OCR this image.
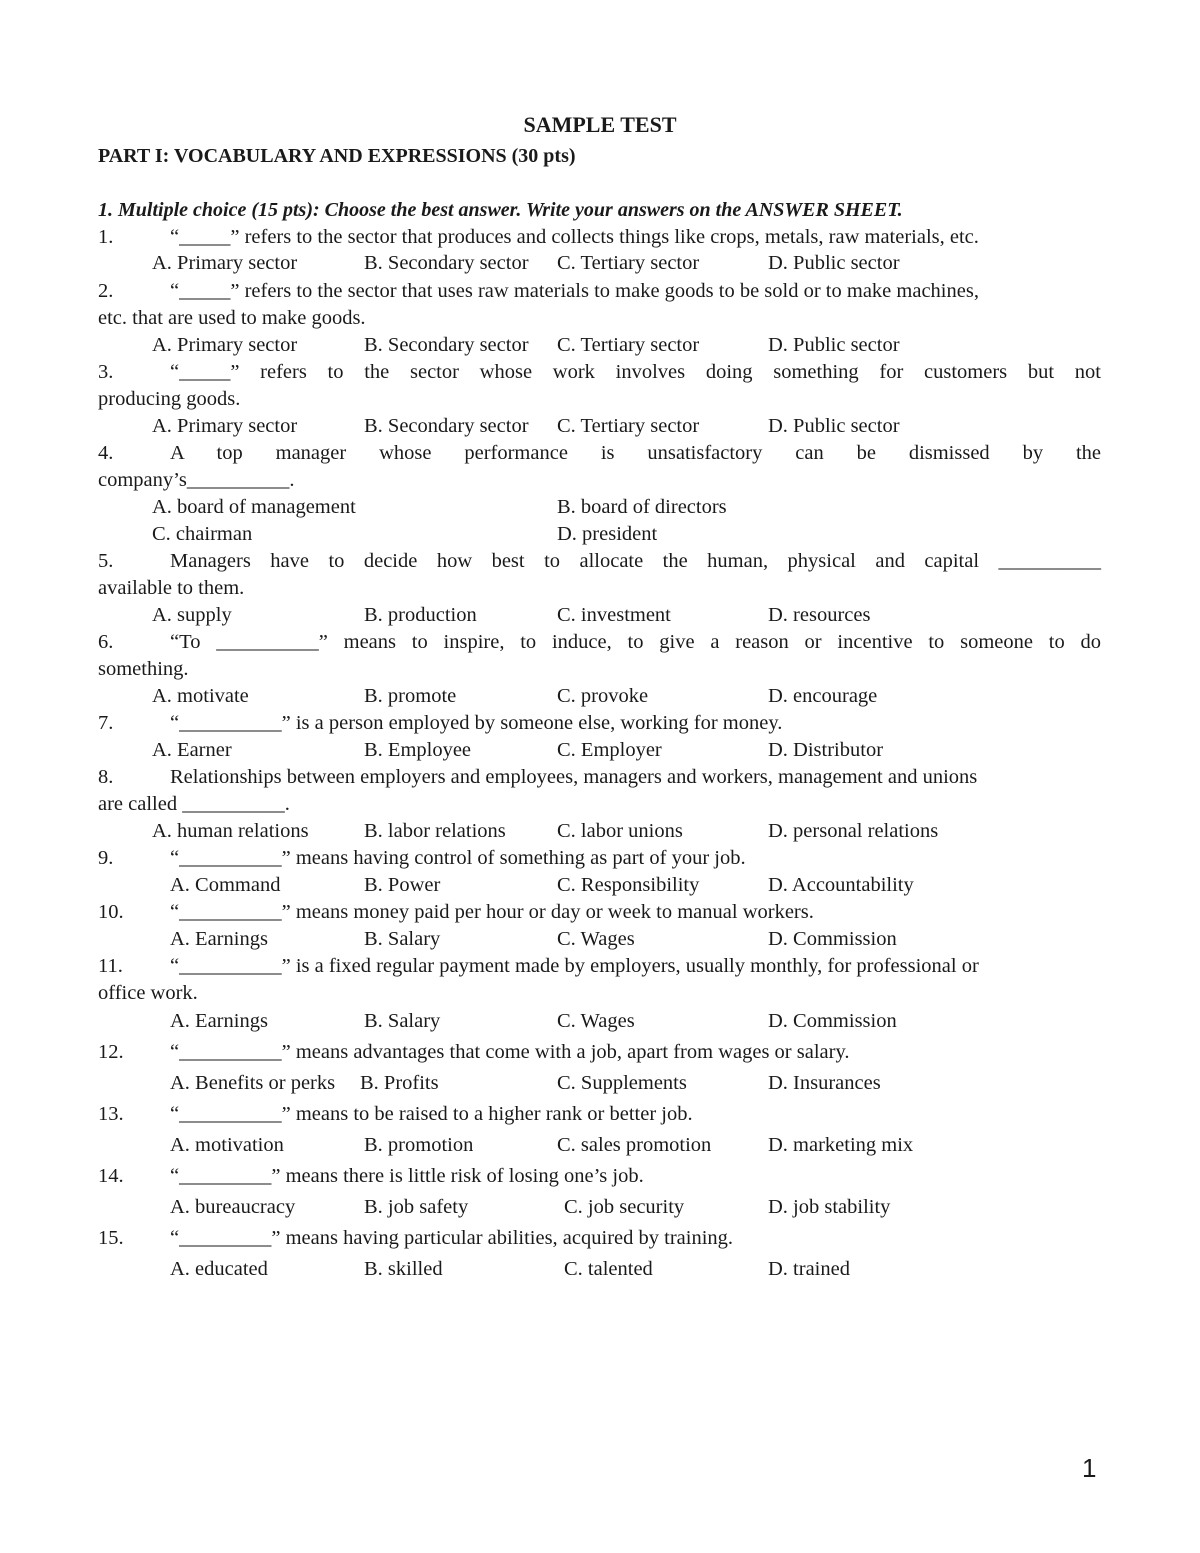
SAMPLE TEST
PART I: VOCABULARY AND EXPRESSIONS (30 pts)
1. Multiple choice (15 pts): Choose the best answer. Write your answers on the ANSWER SHEET.
1.	“_____” refers to the sector that produces and collects things like crops, metals, raw materials, etc.
A. Primary sector	B. Secondary sector C. Tertiary sector	D. Public sector
2.	“_____” refers to the sector that uses raw materials to make goods to be sold or to make machines,
etc. that are used to make goods.
A. Primary sector	B. Secondary sector C. Tertiary sector	D. Public sector
3.	“_____” refers to the sector whose work involves doing something for customers but not
producing goods.
A. Primary sector	B. Secondary sector C. Tertiary sector	D. Public sector
4.	A top manager whose performance is unsatisfactory can be dismissed by the
company’s__________.
A. board of management	B. board of directors
C. chairman	D. president
5.	Managers have to decide how best to allocate the human, physical and capital __________
available to them.
A. supply	B. production	C. investment	D. resources
6.	“To __________” means to inspire, to induce, to give a reason or incentive to someone to do
something.
A. motivate	B. promote	C. provoke	D. encourage
7.	“__________” is a person employed by someone else, working for money.
A. Earner	B. Employee	C. Employer	D. Distributor
8.	Relationships between employers and employees, managers and workers, management and unions
are called __________.
A. human relations	B. labor relations C. labor unions	D. personal relations
9.	“__________” means having control of something as part of your job.
A. Command	B. Power	C. Responsibility	D. Accountability
10. “__________” means money paid per hour or day or week to manual workers.
A. Earnings	B. Salary	C. Wages	D. Commission
11. “__________” is a fixed regular payment made by employers, usually monthly, for professional or
office work.
A. Earnings	B. Salary	C. Wages	D. Commission
12. “__________” means advantages that come with a job, apart from wages or salary.
A. Benefits or perks B. Profits	C. Supplements	D. Insurances
13. “__________” means to be raised to a higher rank or better job.
A. motivation	B. promotion	C. sales promotion	D. marketing mix
14. “_________” means there is little risk of losing one’s job.
A. bureaucracy	B. job safety	C. job security	D. job stability
15. “_________” means having particular abilities, acquired by training.
A. educated	B. skilled	C. talented	D. trained
1
